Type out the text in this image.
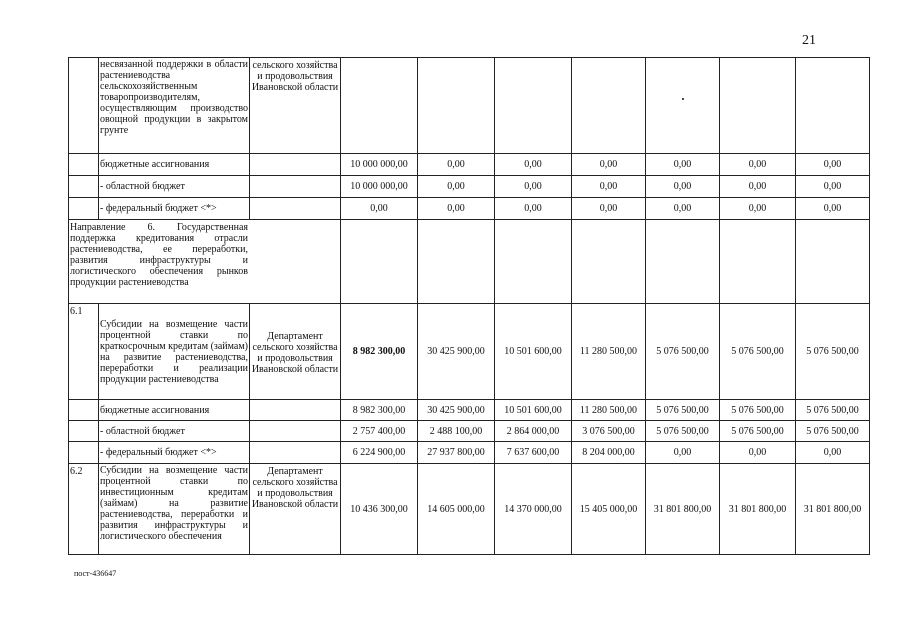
21
	несвязанной поддержки в области растениеводства сельскохозяйственным товаропроизводителям, осуществляющим производство овощной продукции в закрытом грунте	сельского хозяйства и продовольствия Ивановской области							
	бюджетные ассигнования		10 000 000,00	0,00	0,00	0,00	0,00	0,00	0,00
	- областной бюджет		10 000 000,00	0,00	0,00	0,00	0,00	0,00	0,00
	- федеральный бюджет <*>		0,00	0,00	0,00	0,00	0,00	0,00	0,00

Направление 6. Государственная поддержка кредитования отрасли растениеводства, ее переработки, развития инфраструктуры и логистического обеспечения рынков продукции растениеводства									

6.1	Субсидии на возмещение части процентной ставки по краткосрочным кредитам (займам) на развитие растениеводства, переработки и реализации продукции растениеводства	Департамент сельского хозяйства и продовольствия Ивановской области	8 982 300,00	30 425 900,00	10 501 600,00	11 280 500,00	5 076 500,00	5 076 500,00	5 076 500,00
	бюджетные ассигнования		8 982 300,00	30 425 900,00	10 501 600,00	11 280 500,00	5 076 500,00	5 076 500,00	5 076 500,00
	- областной бюджет		2 757 400,00	2 488 100,00	2 864 000,00	3 076 500,00	5 076 500,00	5 076 500,00	5 076 500,00
	- федеральный бюджет <*>		6 224 900,00	27 937 800,00	7 637 600,00	8 204 000,00	0,00	0,00	0,00
6.2	Субсидии на возмещение части процентной ставки по инвестиционным кредитам (займам) на развитие растениеводства, переработки и развития инфраструктуры и логистического обеспечения	Департамент сельского хозяйства и продовольствия Ивановской области	10 436 300,00	14 605 000,00	14 370 000,00	15 405 000,00	31 801 800,00	31 801 800,00	31 801 800,00
пост-436647
